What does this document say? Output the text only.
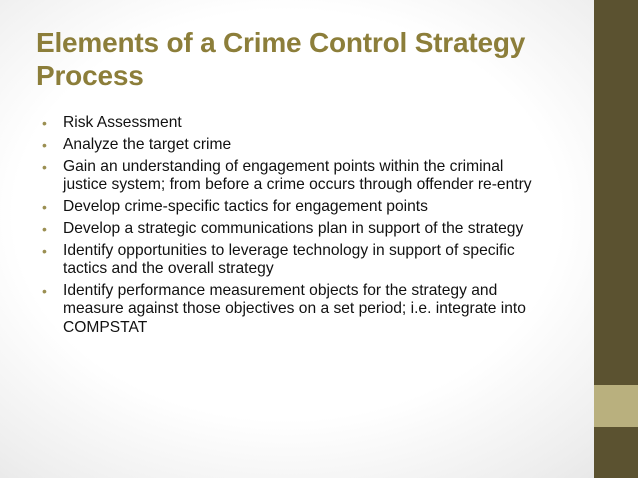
Elements of a Crime Control Strategy Process
• Risk Assessment
• Analyze the target crime
• Gain an understanding of engagement points within the criminal justice system; from before a crime occurs through offender re-entry
• Develop crime-specific tactics for engagement points
• Develop a strategic communications plan in support of the strategy
• Identify opportunities to leverage technology in support of specific tactics and the overall strategy
• Identify performance measurement objects for the strategy and measure against those objectives on a set period; i.e. integrate into COMPSTAT
